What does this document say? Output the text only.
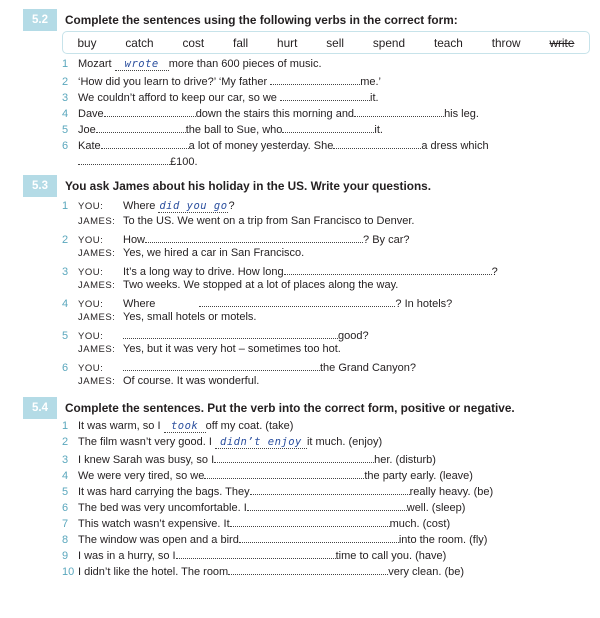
5.2	Complete the sentences using the following verbs in the correct form:
buy catch cost fall hurt sell spend teach throw write
1 Mozart wrote more than 600 pieces of music.
2 ‘How did you learn to drive?’ ‘My father	me.’
3 We couldn’t afford to keep our car, so we	it.
4 Dave	down the stairs this morning and	his leg.
5 Joe	the ball to Sue, who	it.
6 Kate	a lot of money yesterday. She	a dress which
£100.
5.3	You ask James about his holiday in the US. Write your questions.
1 YOU: Where did you go?
JAMES: To the US. We went on a trip from San Francisco to Denver.
2 YOU: How	? By car?
JAMES: Yes, we hired a car in San Francisco.
3 YOU: It’s a long way to drive. How long	?
JAMES: Two weeks. We stopped at a lot of places along the way.
4 YOU: Where	? In hotels?
JAMES: Yes, small hotels or motels.
5 YOU:	good?
JAMES: Yes, but it was very hot – sometimes too hot.
6 YOU:	the Grand Canyon?
JAMES: Of course. It was wonderful.
5.4	Complete the sentences. Put the verb into the correct form, positive or negative.
1 It was warm, so I took off my coat. (take)
2 The film wasn’t very good. I didn’t enjoy it much. (enjoy)
3 I knew Sarah was busy, so I	her. (disturb)
4 We were very tired, so we	the party early. (leave)
5 It was hard carrying the bags. They	really heavy. (be)
6 The bed was very uncomfortable. I	well. (sleep)
7 This watch wasn’t expensive. It	much. (cost)
8 The window was open and a bird	into the room. (fly)
9 I was in a hurry, so I	time to call you. (have)
10 I didn’t like the hotel. The room	very clean. (be)
